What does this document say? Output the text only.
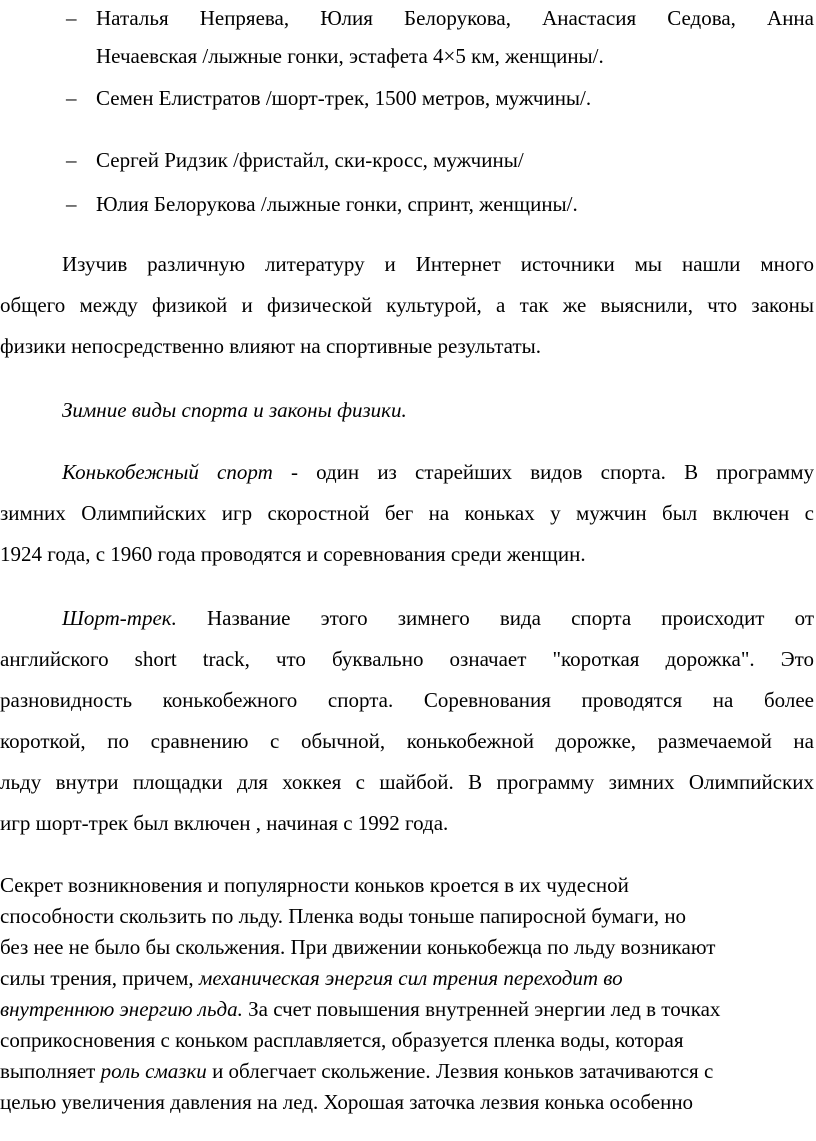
– Наталья Непряева, Юлия Белорукова, Анастасия Седова, Анна
Нечаевская /лыжные гонки, эстафета 4×5 км, женщины/.
– Семен Елистратов /шорт-трек, 1500 метров, мужчины/.
– Сергей Ридзик /фристайл, ски-кросс, мужчины/
– Юлия Белорукова /лыжные гонки, спринт, женщины/.
Изучив различную литературу и Интернет источники мы нашли много
общего между физикой и физической культурой, а так же выяснили, что законы
физики непосредственно влияют на спортивные результаты.
Зимние виды спорта и законы физики.
Конькобежный спорт - один из старейших видов спорта. В программу
зимних Олимпийских игр скоростной бег на коньках у мужчин был включен с
1924 года, с 1960 года проводятся и соревнования среди женщин.
Шорт-трек. Название этого зимнего вида спорта происходит от
английского short track, что буквально означает "короткая дорожка". Это
разновидность конькобежного спорта. Соревнования проводятся на более
короткой, по сравнению с обычной, конькобежной дорожке, размечаемой на
льду внутри площадки для хоккея с шайбой. В программу зимних Олимпийских
игр шорт-трек был включен , начиная с 1992 года.
Секрет возникновения и популярности коньков кроется в их чудесной
способности скользить по льду. Пленка воды тоньше папиросной бумаги, но
без нее не было бы скольжения. При движении конькобежца по льду возникают
силы трения, причем, механическая энергия сил трения переходит во
внутреннюю энергию льда. За счет повышения внутренней энергии лед в точках
соприкосновения с коньком расплавляется, образуется пленка воды, которая
выполняет роль смазки и облегчает скольжение. Лезвия коньков затачиваются с
целью увеличения давления на лед. Хорошая заточка лезвия конька особенно
